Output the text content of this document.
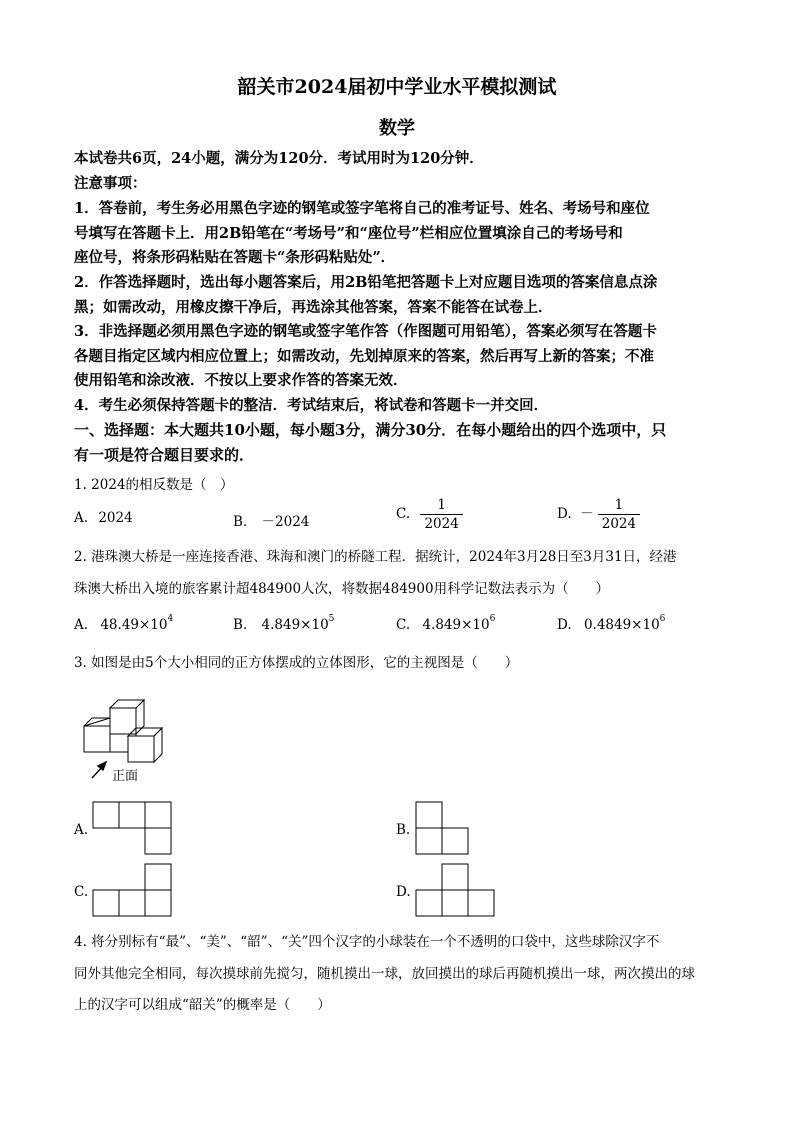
韶关市2024届初中学业水平模拟测试
数学
本试卷共6页，24小题，满分为120分．考试用时为120分钟．
注意事项：
1．答卷前，考生务必用黑色字迹的钢笔或签字笔将自己的准考证号、姓名、考场号和座位
号填写在答题卡上．用2B铅笔在“考场号”和“座位号”栏相应位置填涂自己的考场号和
座位号，将条形码粘贴在答题卡“条形码粘贴处”．
2．作答选择题时，选出每小题答案后，用2B铅笔把答题卡上对应题目选项的答案信息点涂
黑；如需改动，用橡皮擦干净后，再选涂其他答案，答案不能答在试卷上．
3．非选择题必须用黑色字迹的钢笔或签字笔作答（作图题可用铅笔），答案必须写在答题卡
各题目指定区域内相应位置上；如需改动，先划掉原来的答案，然后再写上新的答案；不准
使用铅笔和涂改液．不按以上要求作答的答案无效．
4．考生必须保持答题卡的整洁．考试结束后，将试卷和答题卡一并交回．
一、选择题：本大题共10小题，每小题3分，满分30分．在每小题给出的四个选项中，只
有一项是符合题目要求的．
1. 2024的相反数是（　）
A. 2024	B. －2024	C. $\frac{1}{2024}$	D. － $\frac{1}{2024}$
2. 港珠澳大桥是一座连接香港、珠海和澳门的桥隧工程．据统计，2024年3月28日至3月31日，经港
珠澳大桥出入境的旅客累计超484900人次，将数据484900用科学记数法表示为（　　）
A. $48.49\times 10^4$	B. $4.849\times 10^5$	C. $4.849\times 10^6$	D. $0.4849\times 10^6$
3. 如图是由5个大小相同的正方体摆成的立体图形，它的主视图是（　　）
正面
A.	B.
C.	D.
4. 将分别标有“最”、“美”、“韶”、“关”四个汉字的小球装在一个不透明的口袋中，这些球除汉字不
同外其他完全相同，每次摸球前先搅匀，随机摸出一球，放回摸出的球后再随机摸出一球，两次摸出的球
上的汉字可以组成“韶关”的概率是（　　）
